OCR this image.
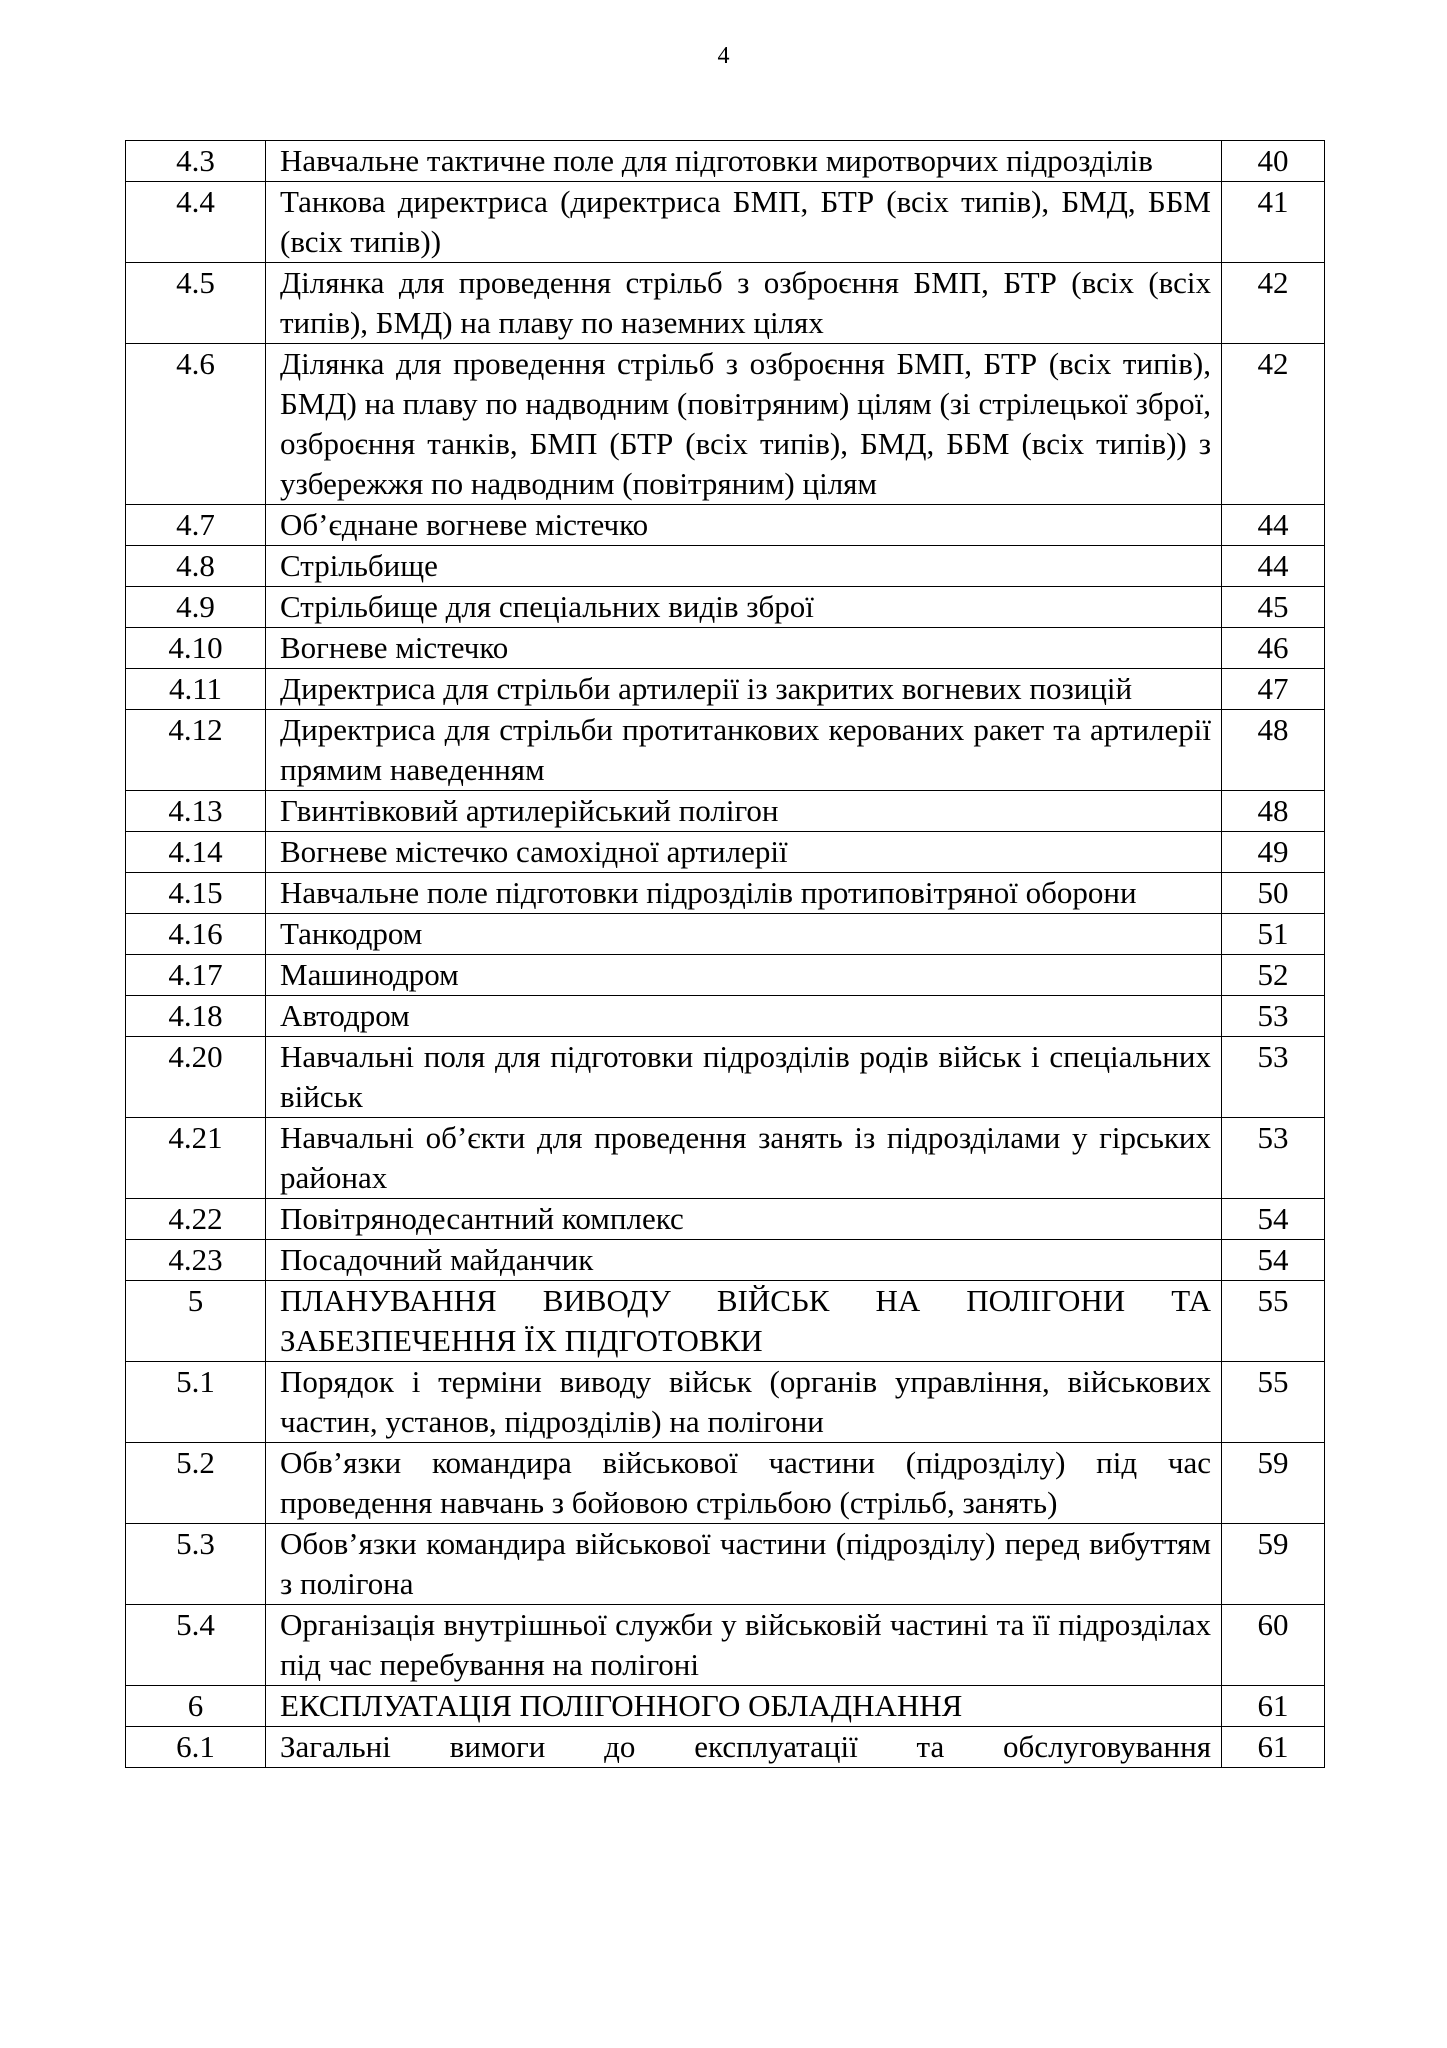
4
4.3	Навчальне тактичне поле для підготовки миротворчих підрозділів	40
4.4	Танкова директриса (директриса БМП, БТР (всіх типів), БМД, ББМ (всіх типів))	41
4.5	Ділянка для проведення стрільб з озброєння БМП, БТР (всіх (всіх типів), БМД) на плаву по наземних цілях	42
4.6	Ділянка для проведення стрільб з озброєння БМП, БТР (всіх типів), БМД) на плаву по надводним (повітряним) цілям (зі стрілецької зброї, озброєння танків, БМП (БТР (всіх типів), БМД, ББМ (всіх типів)) з узбережжя по надводним (повітряним) цілям	42
4.7	Об’єднане вогневе містечко	44
4.8	Стрільбище	44
4.9	Стрільбище для спеціальних видів зброї	45
4.10	Вогневе містечко	46
4.11	Директриса для стрільби артилерії із закритих вогневих позицій	47
4.12	Директриса для стрільби протитанкових керованих ракет та артилерії прямим наведенням	48
4.13	Гвинтівковий артилерійський полігон	48
4.14	Вогневе містечко самохідної артилерії	49
4.15	Навчальне поле підготовки підрозділів протиповітряної оборони	50
4.16	Танкодром	51
4.17	Машинодром	52
4.18	Автодром	53
4.20	Навчальні поля для підготовки підрозділів родів військ і спеціальних військ	53
4.21	Навчальні об’єкти для проведення занять із підрозділами у гірських районах	53
4.22	Повітрянодесантний комплекс	54
4.23	Посадочний майданчик	54
5	ПЛАНУВАННЯ ВИВОДУ ВІЙСЬК НА ПОЛІГОНИ ТА ЗАБЕЗПЕЧЕННЯ ЇХ ПІДГОТОВКИ	55
5.1	Порядок і терміни виводу військ (органів управління, військових частин, установ, підрозділів) на полігони	55
5.2	Обв’язки командира військової частини (підрозділу) під час проведення навчань з бойовою стрільбою (стрільб, занять)	59
5.3	Обов’язки командира військової частини (підрозділу) перед вибуттям з полігона	59
5.4	Організація внутрішньої служби у військовій частині та її підрозділах під час перебування на полігоні	60
6	ЕКСПЛУАТАЦІЯ ПОЛІГОННОГО ОБЛАДНАННЯ	61
6.1	Загальні вимоги до експлуатації та обслуговування	61
